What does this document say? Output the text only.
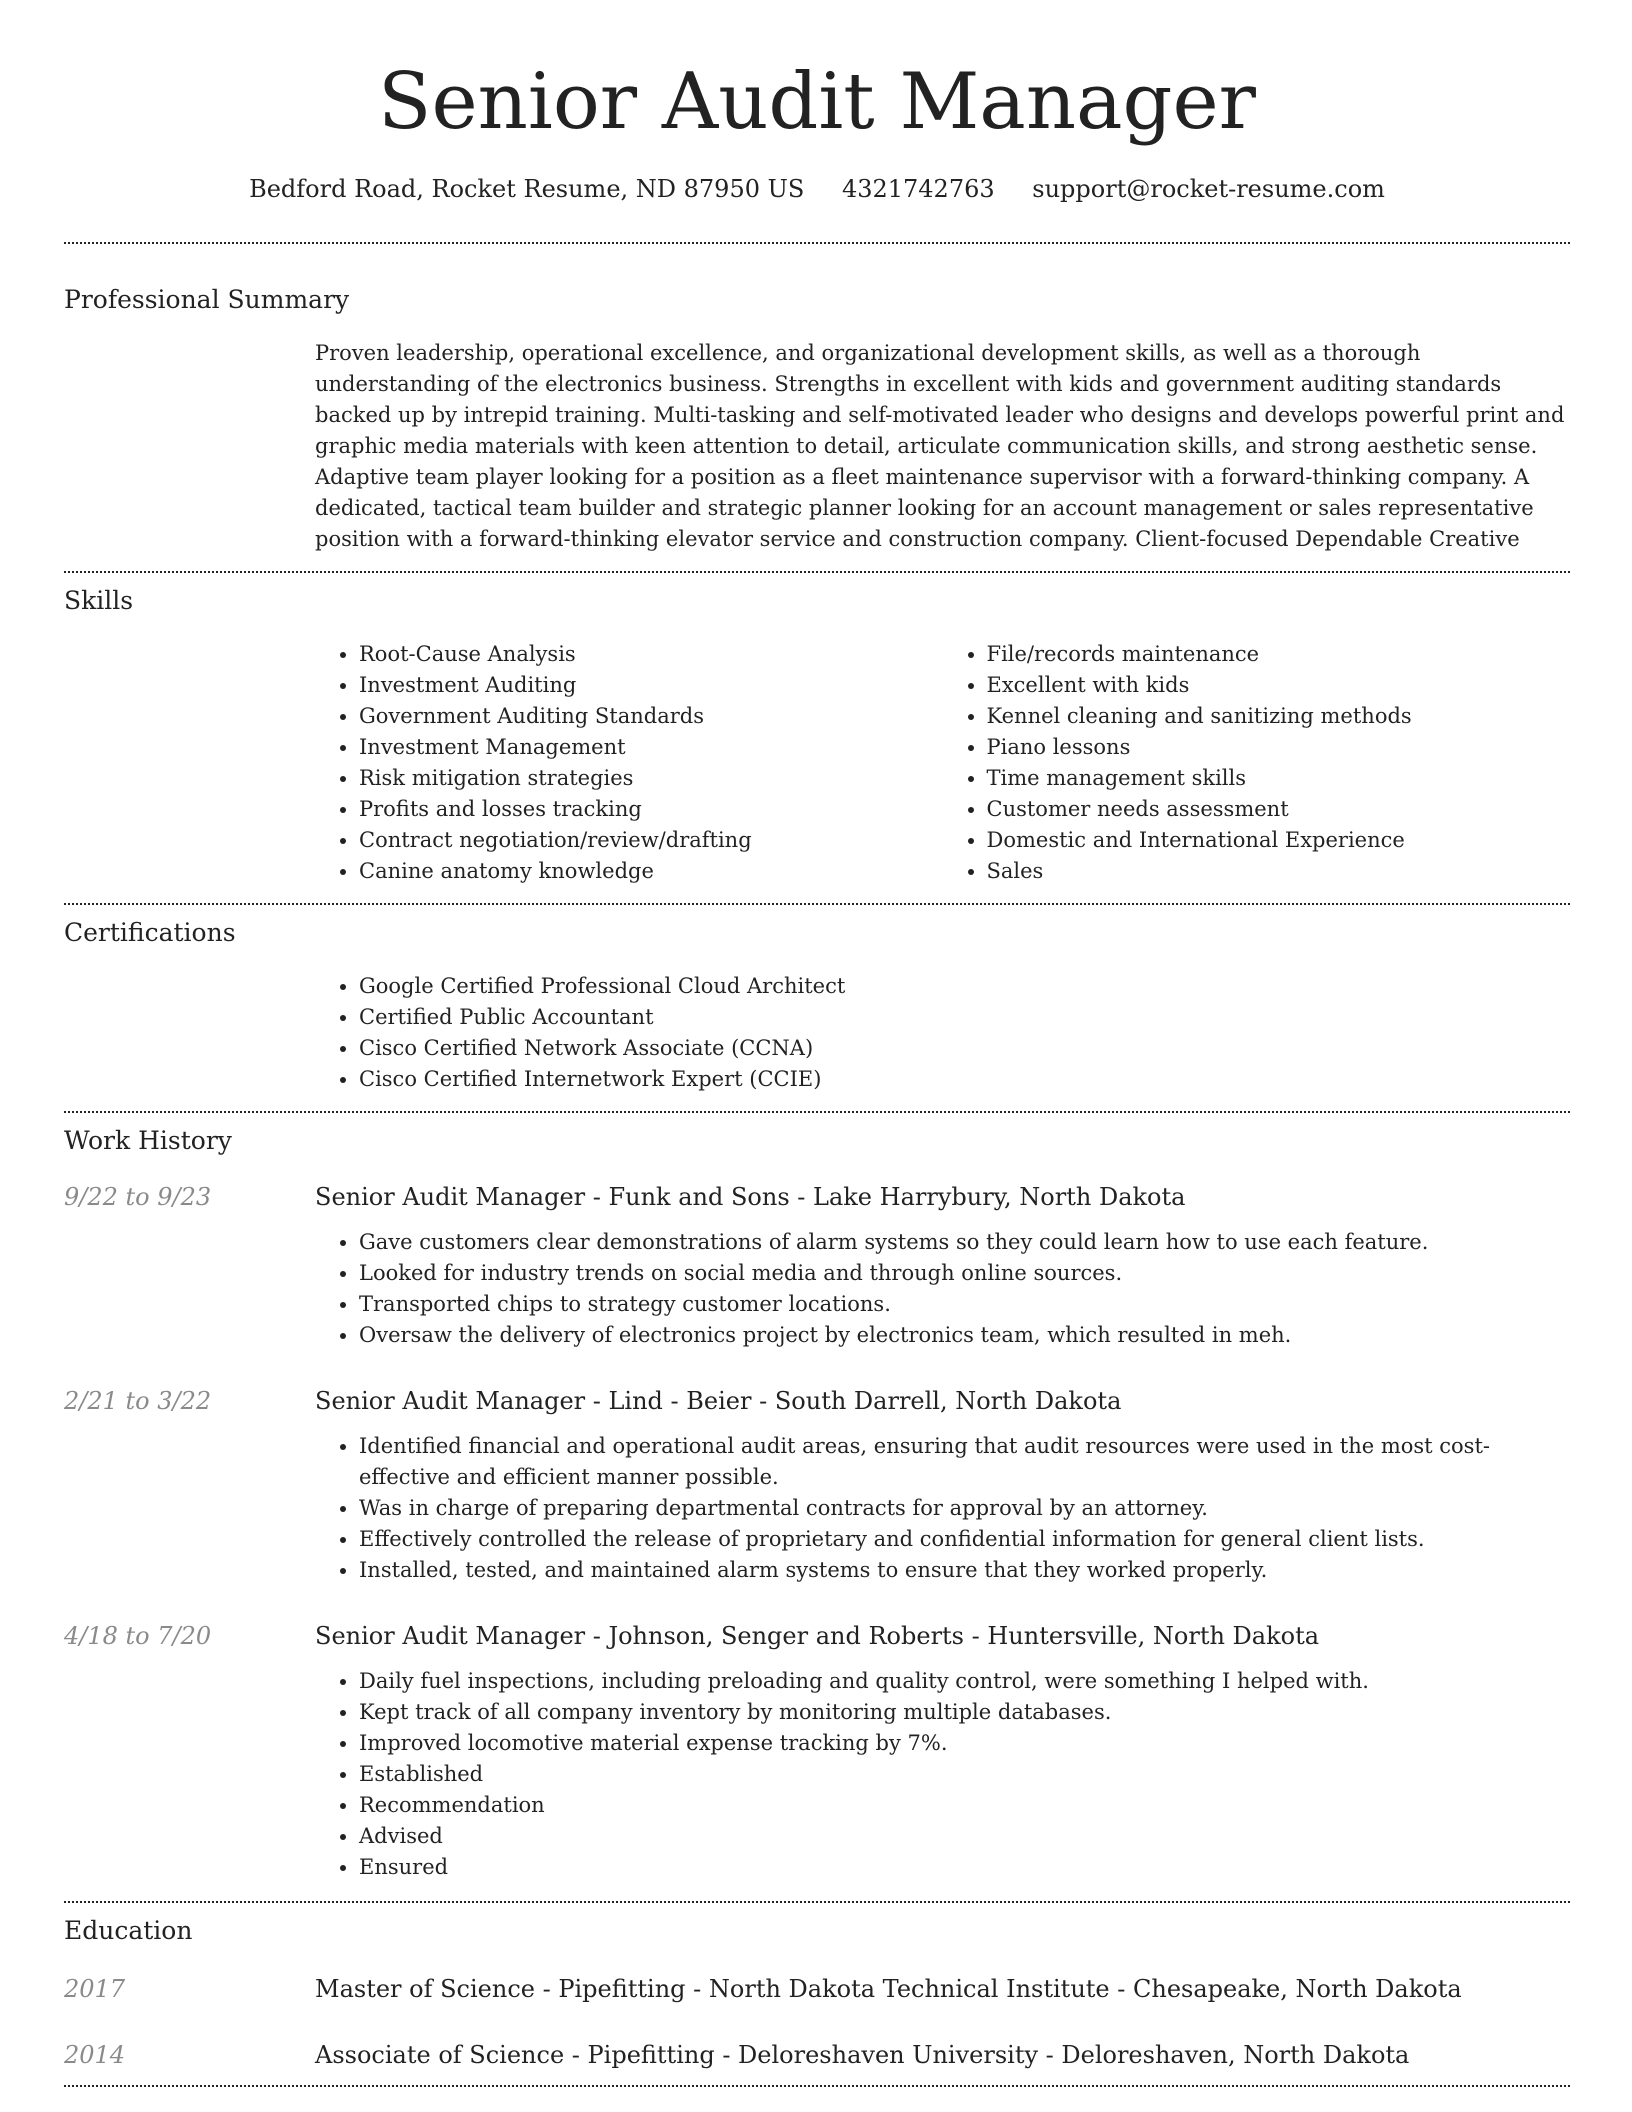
Senior Audit Manager
Bedford Road, Rocket Resume, ND 87950 US 4321742763 support@rocket-resume.com
Professional Summary

Proven leadership, operational excellence, and organizational development skills, as well as a thorough understanding of the electronics business. Strengths in excellent with kids and government auditing standards backed up by intrepid training. Multi-tasking and self-motivated leader who designs and develops powerful print and graphic media materials with keen attention to detail, articulate communication skills, and strong aesthetic sense. Adaptive team player looking for a position as a fleet maintenance supervisor with a forward-thinking company. A dedicated, tactical team builder and strategic planner looking for an account management or sales representative position with a forward-thinking elevator service and construction company. Client-focused Dependable Creative

Skills
• Root-Cause Analysis
• Investment Auditing
• Government Auditing Standards
• Investment Management
• Risk mitigation strategies
• Profits and losses tracking
• Contract negotiation/review/drafting
• Canine anatomy knowledge
• File/records maintenance
• Excellent with kids
• Kennel cleaning and sanitizing methods
• Piano lessons
• Time management skills
• Customer needs assessment
• Domestic and International Experience
• Sales
Certifications
• Google Certified Professional Cloud Architect
• Certified Public Accountant
• Cisco Certified Network Associate (CCNA)
• Cisco Certified Internetwork Expert (CCIE)
Work History
9/22 to 9/23	Senior Audit Manager - Funk and Sons - Lake Harrybury, North Dakota
• Gave customers clear demonstrations of alarm systems so they could learn how to use each feature.
• Looked for industry trends on social media and through online sources.
• Transported chips to strategy customer locations.
• Oversaw the delivery of electronics project by electronics team, which resulted in meh.
2/21 to 3/22	Senior Audit Manager - Lind - Beier - South Darrell, North Dakota
• Identified financial and operational audit areas, ensuring that audit resources were used in the most cost-effective and efficient manner possible.
• Was in charge of preparing departmental contracts for approval by an attorney.
• Effectively controlled the release of proprietary and confidential information for general client lists.
• Installed, tested, and maintained alarm systems to ensure that they worked properly.
4/18 to 7/20	Senior Audit Manager - Johnson, Senger and Roberts - Huntersville, North Dakota
• Daily fuel inspections, including preloading and quality control, were something I helped with.
• Kept track of all company inventory by monitoring multiple databases.
• Improved locomotive material expense tracking by 7%.
• Established
• Recommendation
• Advised
• Ensured
Education
2017	Master of Science - Pipefitting - North Dakota Technical Institute - Chesapeake, North Dakota
2014	Associate of Science - Pipefitting - Deloreshaven University - Deloreshaven, North Dakota
